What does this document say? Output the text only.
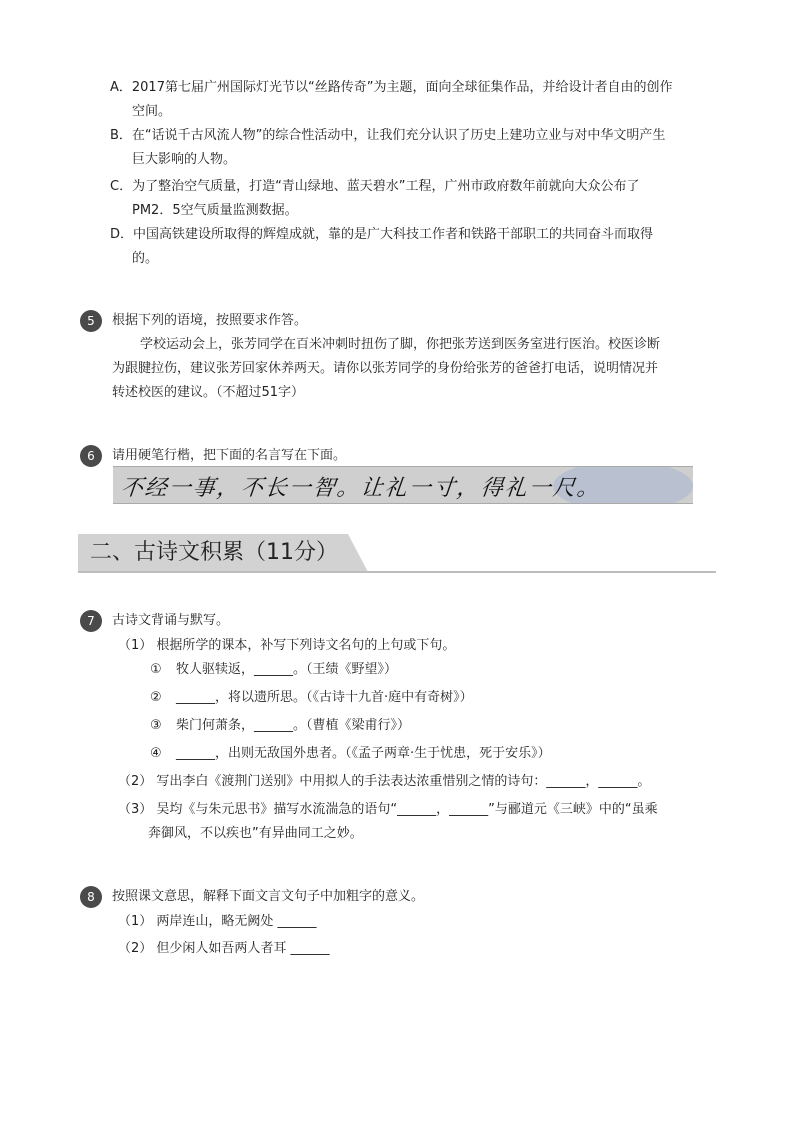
A．2017第七届广州国际灯光节以“丝路传奇”为主题，面向全球征集作品，并给设计者自由的创作
空间。
B．在“话说千古风流人物”的综合性活动中，让我们充分认识了历史上建功立业与对中华文明产生
巨大影响的人物。
C．为了整治空气质量，打造“青山绿地、蓝天碧水”工程，广州市政府数年前就向大众公布了
PM2．5空气质量监测数据。
D．中国高铁建设所取得的辉煌成就，靠的是广大科技工作者和铁路干部职工的共同奋斗而取得
的。
5	根据下列的语境，按照要求作答。
学校运动会上，张芳同学在百米冲刺时扭伤了脚，你把张芳送到医务室进行医治。校医诊断
为跟腱拉伤，建议张芳回家休养两天。请你以张芳同学的身份给张芳的爸爸打电话，说明情况并
转述校医的建议。（不超过51字）
6	请用硬笔行楷，把下面的名言写在下面。
不经一事，不长一智。让礼一寸，得礼一尺。
二、古诗文积累（11分）
7	古诗文背诵与默写。
（1） 根据所学的课本，补写下列诗文名句的上句或下句。
① 牧人驱犊返，______。（王绩《野望》）
② ______，将以遗所思。（《古诗十九首·庭中有奇树》）
③ 柴门何萧条，______。（曹植《梁甫行》）
④ ______，出则无敌国外患者。（《孟子两章·生于忧患，死于安乐》）
（2） 写出李白《渡荆门送别》中用拟人的手法表达浓重惜别之情的诗句：______，______。
（3） 吴均《与朱元思书》描写水流湍急的语句“______，______”与郦道元《三峡》中的“虽乘
奔御风，不以疾也”有异曲同工之妙。
8	按照课文意思，解释下面文言文句子中加粗字的意义。
（1） 两岸连山，略无阙处 ______
（2） 但少闲人如吾两人者耳 ______
